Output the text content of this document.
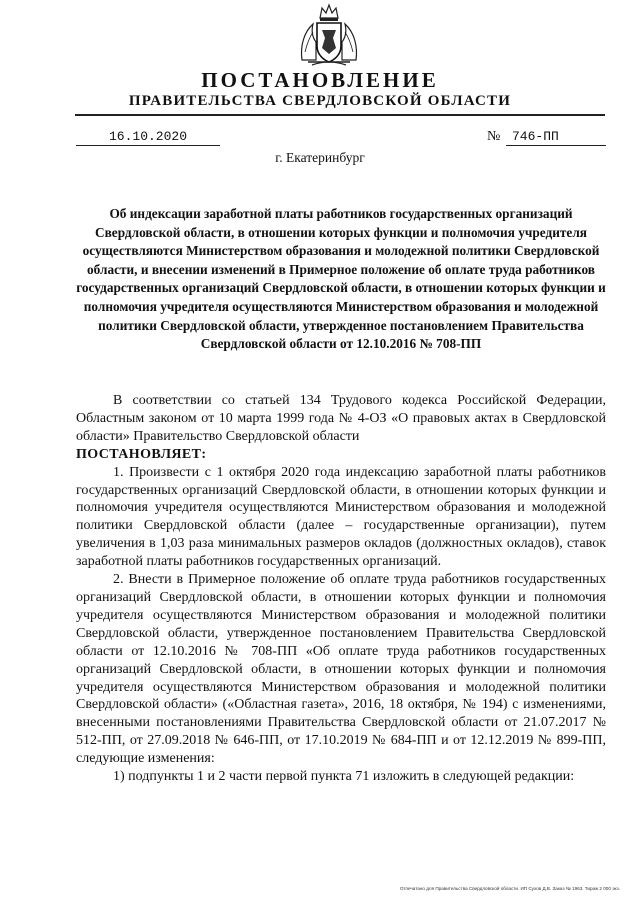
ПОСТАНОВЛЕНИЕ
ПРАВИТЕЛЬСТВА СВЕРДЛОВСКОЙ ОБЛАСТИ
16.10.2020	№ 746-ПП
г. Екатеринбург

Об индексации заработной платы работников государственных организаций Свердловской области, в отношении которых функции и полномочия учредителя осуществляются Министерством образования и молодежной политики Свердловской области, и внесении изменений в Примерное положение об оплате труда работников государственных организаций Свердловской области, в отношении которых функции и полномочия учредителя осуществляются Министерством образования и молодежной политики Свердловской области, утвержденное постановлением Правительства Свердловской области от 12.10.2016 № 708-ПП

В соответствии со статьей 134 Трудового кодекса Российской Федерации, Областным законом от 10 марта 1999 года № 4-ОЗ «О правовых актах в Свердловской области» Правительство Свердловской области

ПОСТАНОВЛЯЕТ:

1. Произвести с 1 октября 2020 года индексацию заработной платы работников государственных организаций Свердловской области, в отношении которых функции и полномочия учредителя осуществляются Министерством образования и молодежной политики Свердловской области (далее – государственные организации), путем увеличения в 1,03 раза минимальных размеров окладов (должностных окладов), ставок заработной платы работников государственных организаций.

2. Внести в Примерное положение об оплате труда работников государственных организаций Свердловской области, в отношении которых функции и полномочия учредителя осуществляются Министерством образования и молодежной политики Свердловской области, утвержденное постановлением Правительства Свердловской области от 12.10.2016 № 708-ПП «Об оплате труда работников государственных организаций Свердловской области, в отношении которых функции и полномочия учредителя осуществляются Министерством образования и молодежной политики Свердловской области» («Областная газета», 2016, 18 октября, № 194) с изменениями, внесенными постановлениями Правительства Свердловской области от 21.07.2017 № 512-ПП, от 27.09.2018 № 646-ПП, от 17.10.2019 № 684-ПП и от 12.12.2019 № 899-ПП, следующие изменения:

1) подпункты 1 и 2 части первой пункта 71 изложить в следующей редакции:

Отпечатано для Правительства Свердловской области. ИП Сухов Д.В. Заказ № 1963. Тираж 2 000 экз.
